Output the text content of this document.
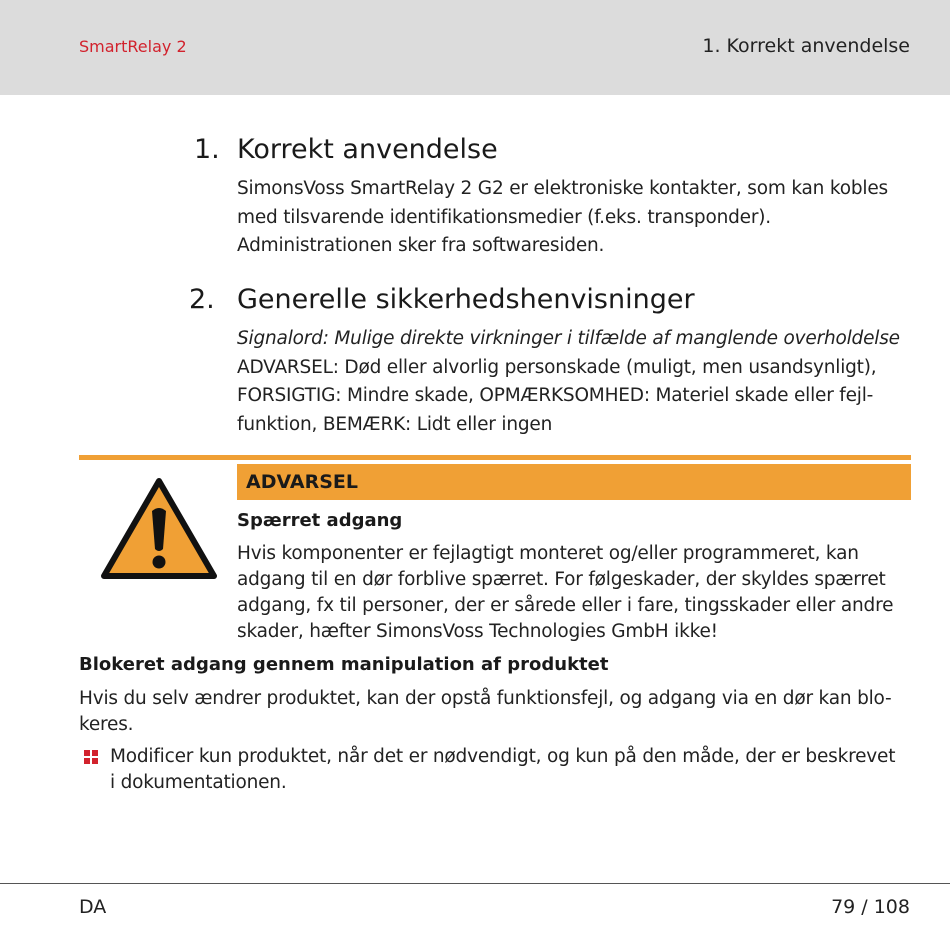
SmartRelay 2	1. Korrekt anvendelse
1. Korrekt anvendelse
SimonsVoss SmartRelay 2 G2 er elektroniske kontakter, som kan kobles
med tilsvarende identifikationsmedier (f.eks. transponder).
Administrationen sker fra softwaresiden.
2. Generelle sikkerhedshenvisninger
Signalord: Mulige direkte virkninger i tilfælde af manglende overholdelse
ADVARSEL: Død eller alvorlig personskade (muligt, men usandsynligt),
FORSIGTIG: Mindre skade, OPMÆRKSOMHED: Materiel skade eller fejl-
funktion, BEMÆRK: Lidt eller ingen
ADVARSEL
Spærret adgang
Hvis komponenter er fejlagtigt monteret og/eller programmeret, kan
adgang til en dør forblive spærret. For følgeskader, der skyldes spærret
adgang, fx til personer, der er sårede eller i fare, tingsskader eller andre
skader, hæfter SimonsVoss Technologies GmbH ikke!
Blokeret adgang gennem manipulation af produktet
Hvis du selv ændrer produktet, kan der opstå funktionsfejl, og adgang via en dør kan blo-
keres.
Modificer kun produktet, når det er nødvendigt, og kun på den måde, der er beskrevet
i dokumentationen.
DA	79 / 108
